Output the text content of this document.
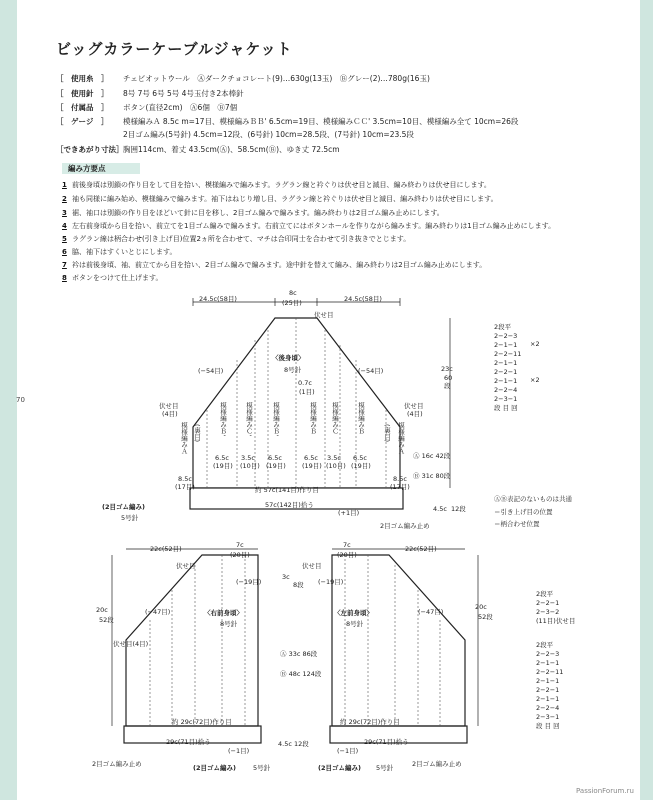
ビッグカラーケーブルジャケット
［　使用糸　］ チェビオットウール　Ⓐダークチョコレート(9)…630g(13玉)　Ⓑグレー(2)…780g(16玉)
［　使用針　］ 8号 7号 6号 5号 4号玉付き2本棒針
［　付属品　］ ボタン(直径2cm)　Ⓐ6個　Ⓑ7個
［　ゲージ　］ 模様編みＡ 8.5c m=17目、模様編みＢＢ' 6.5cm=19目、模様編みＣＣ' 3.5cm=10目、模様編み全て 10cm=26段
2目ゴム編み(5号針) 4.5cm=12段、(6号針) 10cm=28.5段、(7号針) 10cm=23.5段
［できあがり寸法］胸囲114cm、着丈 43.5cm(Ⓐ)、58.5cm(Ⓑ)、ゆき丈 72.5cm
編み方要点
1 前後身頃は別鎖の作り目をして目を拾い、模様編みで編みます。ラグラン線と衿ぐりは伏せ目と減目、編み終わりは伏せ目にします。
2 袖も同様に編み始め、模様編みで編みます。袖下はねじり増し目、ラグラン線と衿ぐりは伏せ目と減目、編み終わりは伏せ目にします。
3 裾、袖口は別鎖の作り目をほどいて針に目を移し、2目ゴム編みで編みます。編み終わりは2目ゴム編み止めにします。
4 左右前身頃から目を拾い、前立てを1目ゴム編みで編みます。右前立てにはボタンホールを作りながら編みます。編み終わりは1目ゴム編み止めにします。
5 ラグラン線は柄合わせ(引き上げ目)位置2ヵ所を合わせて、マチは合印同士を合わせて引き抜きでとじます。
6 脇、袖下はすくいとじにします。
7 衿は前後身頃、袖、前立てから目を拾い、2目ゴム編みで編みます。途中針を替えて編み、編み終わりは2目ゴム編み止めにします。
8 ボタンをつけて仕上げます。
70
24.5c(58目)
8c
(25目)	24.5c(58目)
伏せ目
(−54目)	(−54目)
〈後身頃〉
8号針
0.7c
(1目)
伏せ目
(4目)
伏せ目
(4目)
23c
60
段
模様編みＡ (裏目)	模様編みＢ'	模様編みＣ'	模様編みＢ'	模様編みＢ 模様編みＣ	模様編みＢ	(裏目) 模様編みＡ
8.5c
(17目)
6.5c
(19目)
3.5c
(10目)
6.5c
(19目)
6.5c
(19目)
3.5c
(10目)
6.5c
(19目)
8.5c
(17目)
約 57c(141目)作り目
57c(142目)拾う
(+1目)
(2目ゴム編み)
5号針
4.5c 12段
2目ゴム編み止め
Ⓐ 16c 42段
Ⓑ 31c 80段
2段平
2−2−3
2−1−1
2−2−11
2−1−1
2−2−1
2−1−1
2−2−4
2−3−1
段 目 回
×2
×2
ⒶⒷ表記のないものは共通
＝引き上げ目の位置
＝柄合わせ位置
22c(52目)	7c
(20目)
伏せ目
(−19目)
(−47目)	〈右前身頃〉
8号針
20c
52段
伏せ目(4目)
約 29c(72目)作り目
29c(71目)拾う
(−1目)
(2目ゴム編み)	5号針
2目ゴム編み止め
7c
(20目)
22c(52目)
伏せ目
(−19目)
(−47目)
〈左前身頃〉
8号針
20c
52段
3c
8段
Ⓐ 33c 86段
Ⓑ 48c 124段
約 29c(72目)作り目
29c(71目)拾う
(−1目)
4.5c 12段
(2目ゴム編み) 5号針	2目ゴム編み止め
2段平
2−2−1
2−3−2
(11目)伏せ目
2段平
2−2−3
2−1−1
2−2−11
2−1−1
2−2−1
2−1−1
2−2−4
2−3−1
段 目 回
PassionForum.ru
